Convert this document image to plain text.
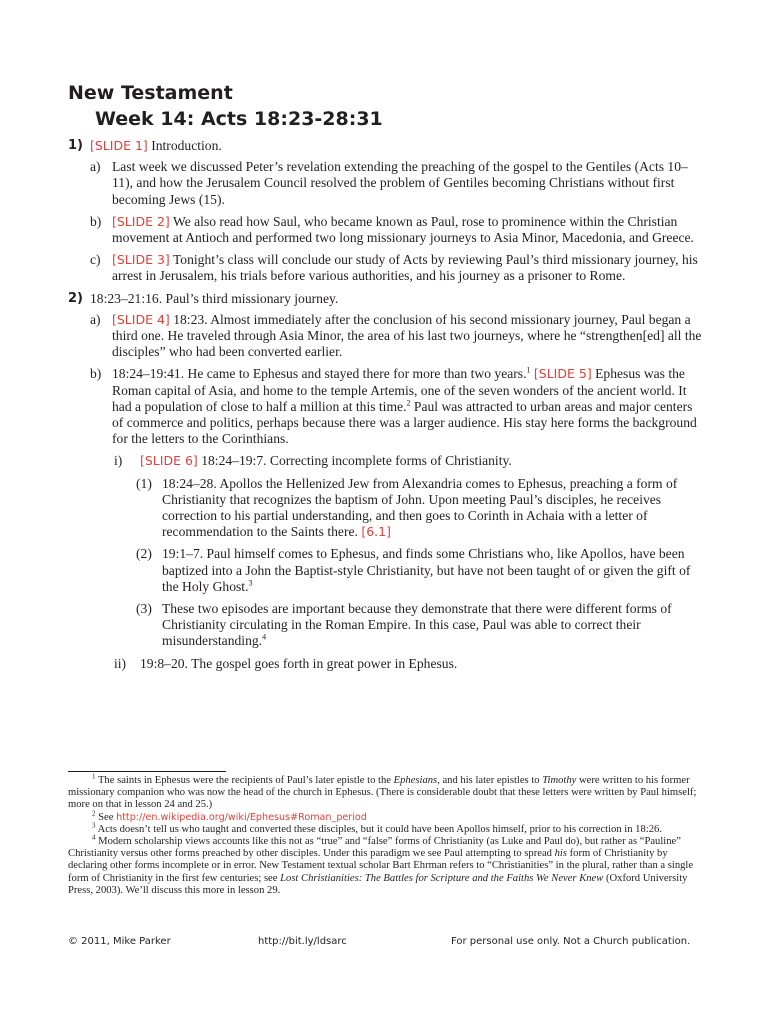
New Testament
Week 14: Acts 18:23-28:31
1) [SLIDE 1] Introduction.
a) Last week we discussed Peter’s revelation extending the preaching of the gospel to the Gentiles (Acts 10–11), and how the Jerusalem Council resolved the problem of Gentiles becoming Christians without first becoming Jews (15).
b) [SLIDE 2] We also read how Saul, who became known as Paul, rose to prominence within the Christian movement at Antioch and performed two long missionary journeys to Asia Minor, Macedonia, and Greece.
c) [SLIDE 3] Tonight’s class will conclude our study of Acts by reviewing Paul’s third missionary journey, his arrest in Jerusalem, his trials before various authorities, and his journey as a prisoner to Rome.
2) 18:23–21:16. Paul’s third missionary journey.
a) [SLIDE 4] 18:23. Almost immediately after the conclusion of his second missionary journey, Paul began a third one. He traveled through Asia Minor, the area of his last two journeys, where he “strengthen[ed] all the disciples” who had been converted earlier.
b) 18:24–19:41. He came to Ephesus and stayed there for more than two years.$^1$ [SLIDE 5] Ephesus was the Roman capital of Asia, and home to the temple Artemis, one of the seven wonders of the ancient world. It had a population of close to half a million at this time.$^2$ Paul was attracted to urban areas and major centers of commerce and politics, perhaps because there was a larger audience. His stay here forms the background for the letters to the Corinthians.
i) [SLIDE 6] 18:24–19:7. Correcting incomplete forms of Christianity.
(1) 18:24–28. Apollos the Hellenized Jew from Alexandria comes to Ephesus, preaching a form of Christianity that recognizes the baptism of John. Upon meeting Paul’s disciples, he receives correction to his partial understanding, and then goes to Corinth in Achaia with a letter of recommendation to the Saints there. [6.1]
(2) 19:1–7. Paul himself comes to Ephesus, and finds some Christians who, like Apollos, have been baptized into a John the Baptist-style Christianity, but have not been taught of or given the gift of the Holy Ghost.$^3$
(3) These two episodes are important because they demonstrate that there were different forms of Christianity circulating in the Roman Empire. In this case, Paul was able to correct their misunderstanding.$^4$
ii) 19:8–20. The gospel goes forth in great power in Ephesus.

$^1$ The saints in Ephesus were the recipients of Paul’s later epistle to the Ephesians, and his later epistles to Timothy were written to his former missionary companion who was now the head of the church in Ephesus. (There is considerable doubt that these letters were written by Paul himself; more on that in lesson 24 and 25.)

$^2$ See http://en.wikipedia.org/wiki/Ephesus#Roman_period

$^3$ Acts doesn’t tell us who taught and converted these disciples, but it could have been Apollos himself, prior to his correction in 18:26.

$^4$ Modern scholarship views accounts like this not as “true” and “false” forms of Christianity (as Luke and Paul do), but rather as “Pauline” Christianity versus other forms preached by other disciples. Under this paradigm we see Paul attempting to spread his form of Christianity by declaring other forms incomplete or in error. New Testament textual scholar Bart Ehrman refers to “Christianities” in the plural, rather than a single form of Christianity in the first few centuries; see Lost Christianities: The Battles for Scripture and the Faiths We Never Knew (Oxford University Press, 2003). We’ll discuss this more in lesson 29.

© 2011, Mike Parker	http://bit.ly/ldsarc	For personal use only. Not a Church publication.
